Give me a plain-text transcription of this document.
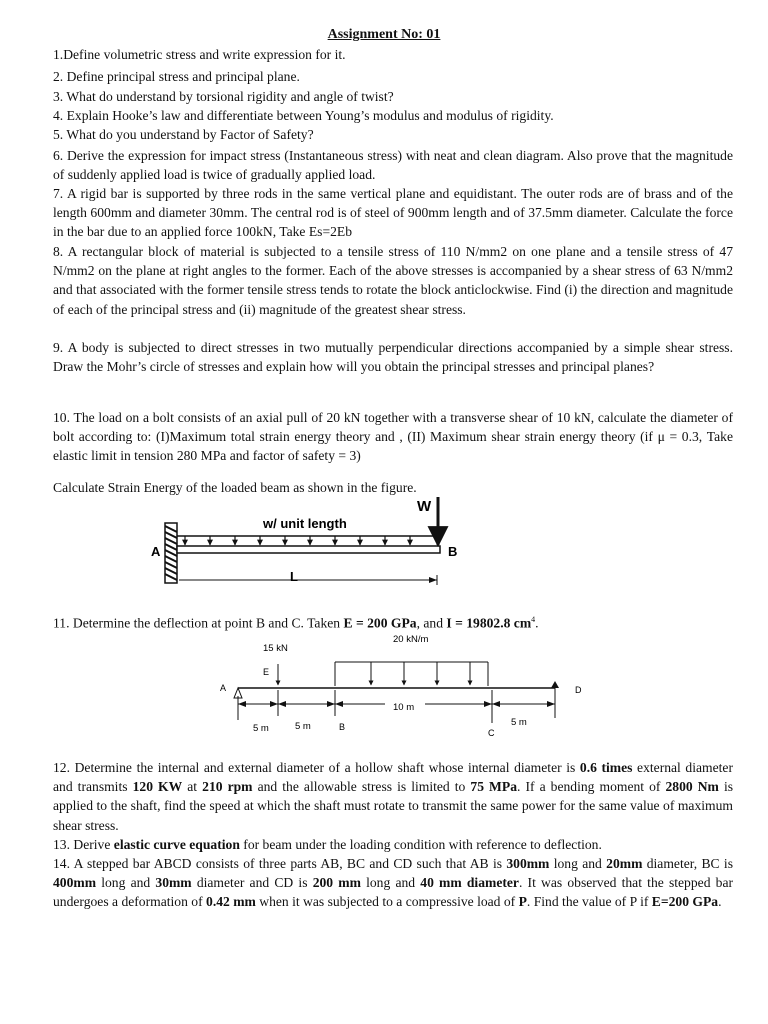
Assignment No: 01
1.Define volumetric stress and write expression for it.
2. Define principal stress and principal plane.
3. What do understand by torsional rigidity and angle of twist?
4. Explain Hooke’s law and differentiate between Young’s modulus and modulus of rigidity.
5. What do you understand by Factor of Safety?
6. Derive the expression for impact stress (Instantaneous stress) with neat and clean diagram. Also prove that the magnitude of suddenly applied load is twice of gradually applied load.
7. A rigid bar is supported by three rods in the same vertical plane and equidistant. The outer rods are of brass and of the length 600mm and diameter 30mm. The central rod is of steel of 900mm length and of 37.5mm diameter. Calculate the force in the bar due to an applied force 100kN, Take Es=2Eb
8. A rectangular block of material is subjected to a tensile stress of 110 N/mm2 on one plane and a tensile stress of 47 N/mm2 on the plane at right angles to the former. Each of the above stresses is accompanied by a shear stress of 63 N/mm2 and that associated with the former tensile stress tends to rotate the block anticlockwise. Find (i) the direction and magnitude of each of the principal stress and (ii) magnitude of the greatest shear stress.
9. A body is subjected to direct stresses in two mutually perpendicular directions accompanied by a simple shear stress. Draw the Mohr’s circle of stresses and explain how will you obtain the principal stresses and principal planes?
10. The load on a bolt consists of an axial pull of 20 kN together with a transverse shear of 10 kN, calculate the diameter of bolt according to: (I)Maximum total strain energy theory and , (II) Maximum shear strain energy theory (if μ = 0.3, Take elastic limit in tension 280 MPa and factor of safety = 3)
Calculate Strain Energy of the loaded beam as shown in the figure.
W
w/ unit length
A	B
L
11. Determine the deflection at point B and C. Taken E = 200 GPa, and I = 19802.8 $cm^4$.
15 kN
20 kN/m
E
A	D
10 m
5 m	5 m	B	5 m
C
12. Determine the internal and external diameter of a hollow shaft whose internal diameter is 0.6 times external diameter and transmits 120 KW at 210 rpm and the allowable stress is limited to 75 MPa. If a bending moment of 2800 Nm is applied to the shaft, find the speed at which the shaft must rotate to transmit the same power for the same value of maximum shear stress.
13. Derive elastic curve equation for beam under the loading condition with reference to deflection.
14. A stepped bar ABCD consists of three parts AB, BC and CD such that AB is 300mm long and 20mm diameter, BC is 400mm long and 30mm diameter and CD is 200 mm long and 40 mm diameter. It was observed that the stepped bar undergoes a deformation of 0.42 mm when it was subjected to a compressive load of P. Find the value of P if E=200 GPa.
